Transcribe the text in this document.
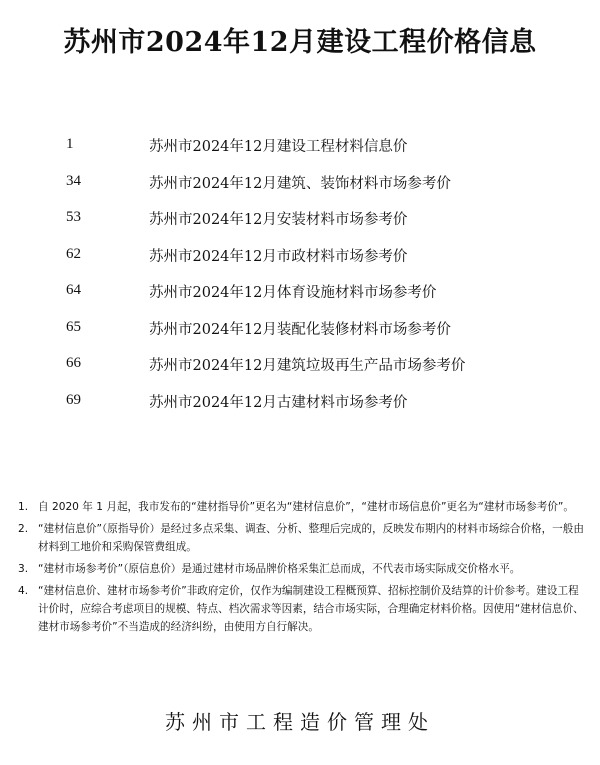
苏州市2024年12月建设工程价格信息
1	苏州市2024年12月建设工程材料信息价
34	苏州市2024年12月建筑、装饰材料市场参考价
53	苏州市2024年12月安装材料市场参考价
62	苏州市2024年12月市政材料市场参考价
64	苏州市2024年12月体育设施材料市场参考价
65	苏州市2024年12月装配化装修材料市场参考价
66	苏州市2024年12月建筑垃圾再生产品市场参考价
69	苏州市2024年12月古建材料市场参考价
1. 自 2020 年 1 月起，我市发布的“建材指导价”更名为“建材信息价”，“建材市场信息价”更名为“建材市场参考价”。
2. “建材信息价”（原指导价）是经过多点采集、调查、分析、整理后完成的，反映发布期内的材料市场综合价格，一般由材料到工地价和采购保管费组成。
3. “建材市场参考价”（原信息价）是通过建材市场品牌价格采集汇总而成，不代表市场实际成交价格水平。
4. “建材信息价、建材市场参考价”非政府定价，仅作为编制建设工程概预算、招标控制价及结算的计价参考。建设工程计价时，应综合考虑项目的规模、特点、档次需求等因素，结合市场实际，合理确定材料价格。因使用“建材信息价、建材市场参考价”不当造成的经济纠纷，由使用方自行解决。
苏州市工程造价管理处
